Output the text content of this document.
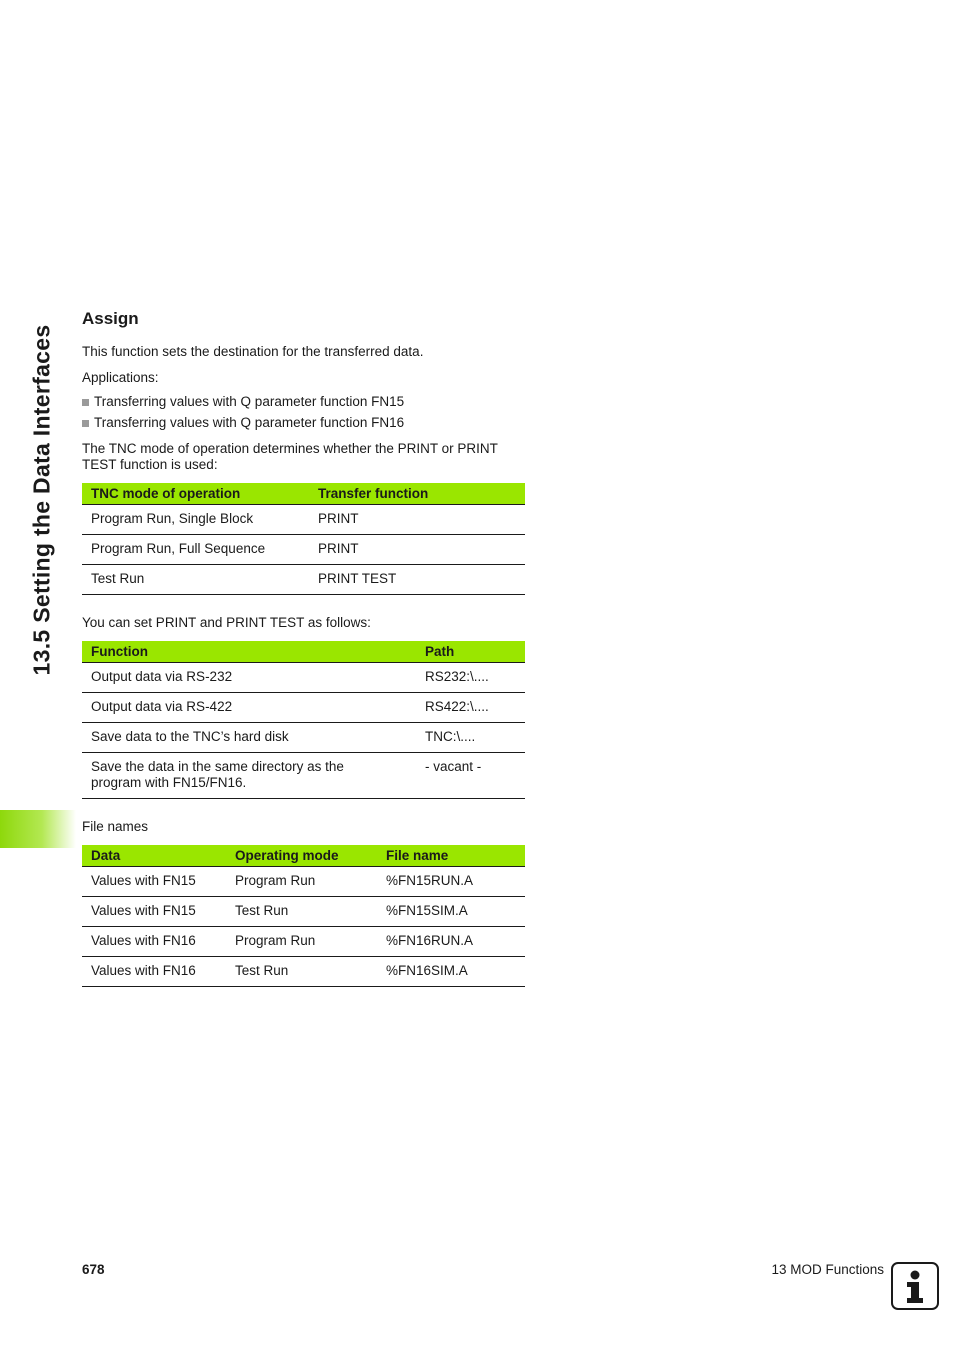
13.5 Setting the Data Interfaces
Assign

This function sets the destination for the transferred data.

Applications:

Transferring values with Q parameter function FN15
Transferring values with Q parameter function FN16

The TNC mode of operation determines whether the PRINT or PRINT TEST function is used:

TNC mode of operation	Transfer function
Program Run, Single Block	PRINT
Program Run, Full Sequence	PRINT
Test Run	PRINT TEST

You can set PRINT and PRINT TEST as follows:

Function	Path
Output data via RS-232	RS232:\....
Output data via RS-422	RS422:\....
Save data to the TNC’s hard disk	TNC:\....
Save the data in the same directory as the program with FN15/FN16.	- vacant -

File names

Data	Operating mode	File name
Values with FN15	Program Run	%FN15RUN.A
Values with FN15	Test Run	%FN15SIM.A
Values with FN16	Program Run	%FN16RUN.A
Values with FN16	Test Run	%FN16SIM.A
678	13 MOD Functions
